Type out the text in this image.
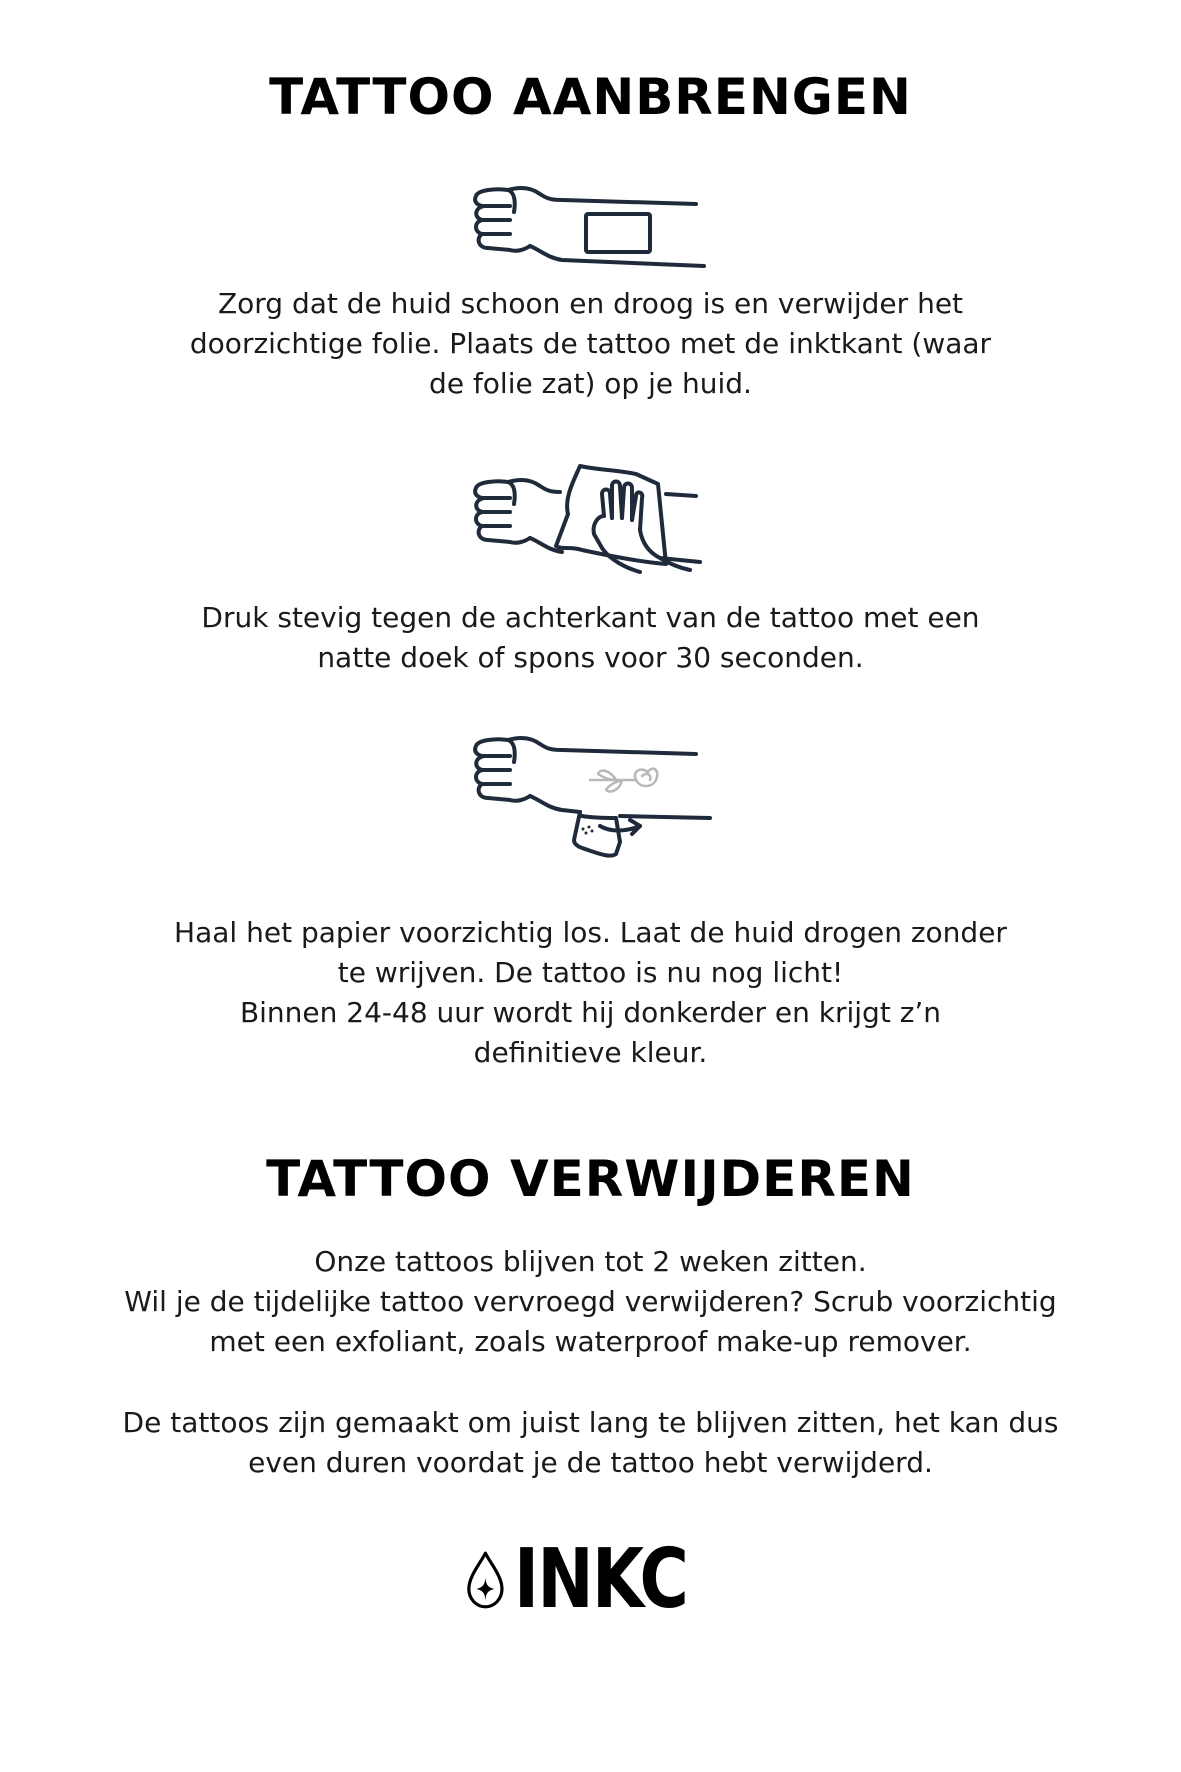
TATTOO AANBRENGEN
Zorg dat de huid schoon en droog is en verwijder het
doorzichtige folie. Plaats de tattoo met de inktkant (waar
de folie zat) op je huid.
Druk stevig tegen de achterkant van de tattoo met een
natte doek of spons voor 30 seconden.
Haal het papier voorzichtig los. Laat de huid drogen zonder
te wrijven. De tattoo is nu nog licht!
Binnen 24-48 uur wordt hij donkerder en krijgt z’n
definitieve kleur.
TATTOO VERWIJDEREN
Onze tattoos blijven tot 2 weken zitten.
Wil je de tijdelijke tattoo vervroegd verwijderen? Scrub voorzichtig
met een exfoliant, zoals waterproof make-up remover.
De tattoos zijn gemaakt om juist lang te blijven zitten, het kan dus
even duren voordat je de tattoo hebt verwijderd.
INKC
